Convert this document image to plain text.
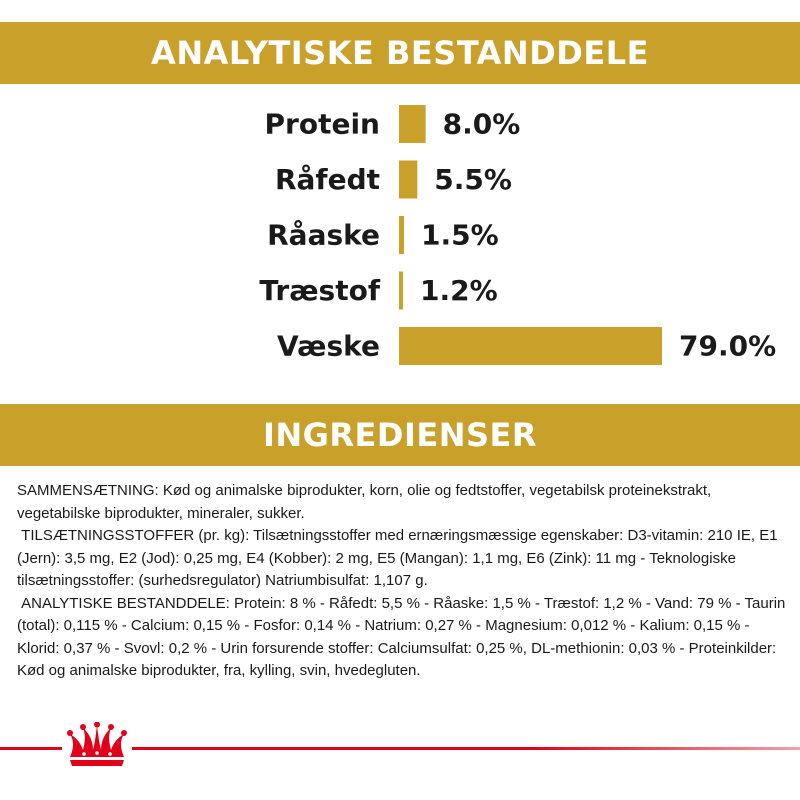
ANALYTISKE BESTANDDELE
Protein 8.0%
Råfedt 5.5%
Råaske 1.5%
Træstof 1.2%
Væske	79.0%
INGREDIENSER

SAMMENSÆTNING: Kød og animalske biprodukter, korn, olie og fedtstoffer, vegetabilsk proteinekstrakt, vegetabilske biprodukter, mineraler, sukker.

TILSÆTNINGSSTOFFER (pr. kg): Tilsætningsstoffer med ernæringsmæssige egenskaber: D3-vitamin: 210 IE, E1 (Jern): 3,5 mg, E2 (Jod): 0,25 mg, E4 (Kobber): 2 mg, E5 (Mangan): 1,1 mg, E6 (Zink): 11 mg - Teknologiske tilsætningsstoffer: (surhedsregulator) Natriumbisulfat: 1,107 g.

ANALYTISKE BESTANDDELE: Protein: 8 % - Råfedt: 5,5 % - Råaske: 1,5 % - Træstof: 1,2 % - Vand: 79 % - Taurin (total): 0,115 % - Calcium: 0,15 % - Fosfor: 0,14 % - Natrium: 0,27 % - Magnesium: 0,012 % - Kalium: 0,15 % - Klorid: 0,37 % - Svovl: 0,2 % - Urin forsurende stoffer: Calciumsulfat: 0,25 %, DL-methionin: 0,03 % - Proteinkilder: Kød og animalske biprodukter, fra, kylling, svin, hvedegluten.
